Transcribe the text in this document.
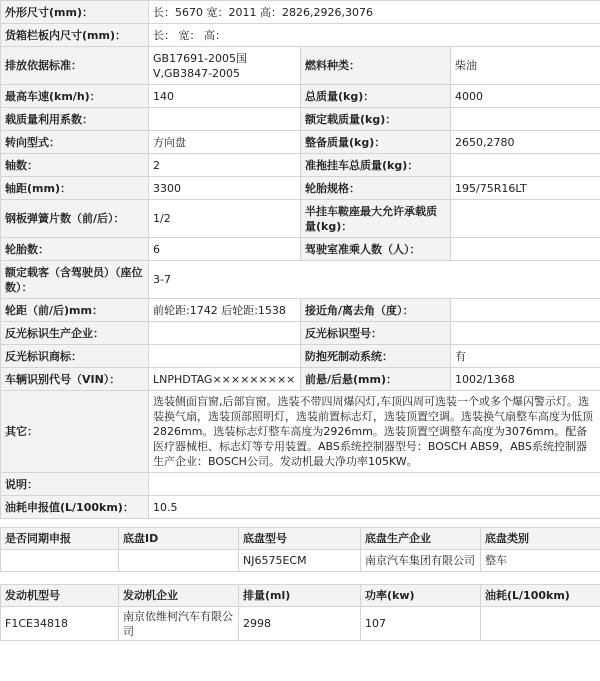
外形尺寸(mm)：	长：5670 宽：2011 高：2826,2926,3076		
货箱栏板内尺寸(mm)：	长： 宽： 高：		
排放依据标准：	GB17691-2005国V,GB3847-2005	燃料种类：	柴油
最高车速(km/h)：	140	总质量(kg)：	4000
载质量利用系数：		额定载质量(kg)：	
转向型式：	方向盘	整备质量(kg)：	2650,2780
轴数：	2	准拖挂车总质量(kg)：	
轴距(mm)：	3300	轮胎规格：	195/75R16LT
钢板弹簧片数（前/后）：	1/2	半挂车鞍座最大允许承载质量(kg)：	
轮胎数：	6	驾驶室准乘人数（人）：	
额定载客（含驾驶员）（座位数）：	3-7		
轮距（前/后)mm：	前轮距:1742 后轮距:1538	接近角/离去角（度）：	
反光标识生产企业：		反光标识型号：	
反光标识商标：		防抱死制动系统：	有
车辆识别代号（VIN）：	LNPHDTAG×××××××××	前悬/后悬(mm)：	1002/1368
其它：	选装侧面盲窗,后部盲窗。选装不带四周爆闪灯,车顶四周可选装一个或多个爆闪警示灯。选装换气扇，选装顶部照明灯，选装前置标志灯，选装顶置空调。选装换气扇整车高度为低顶2826mm。选装标志灯整车高度为2926mm。选装顶置空调整车高度为3076mm。配备医疗器械柜、标志灯等专用装置。ABS系统控制器型号：BOSCH ABS9，ABS系统控制器生产企业：BOSCH公司。发动机最大净功率105KW。		
说明：			
油耗申报值(L/100km)：	10.5		
是否同期申报	底盘ID	底盘型号	底盘生产企业	底盘类别
		NJ6575ECM	南京汽车集团有限公司	整车
发动机型号	发动机企业	排量(ml)	功率(kw)	油耗(L/100km)
F1CE34818	南京依维柯汽车有限公司	2998	107	
